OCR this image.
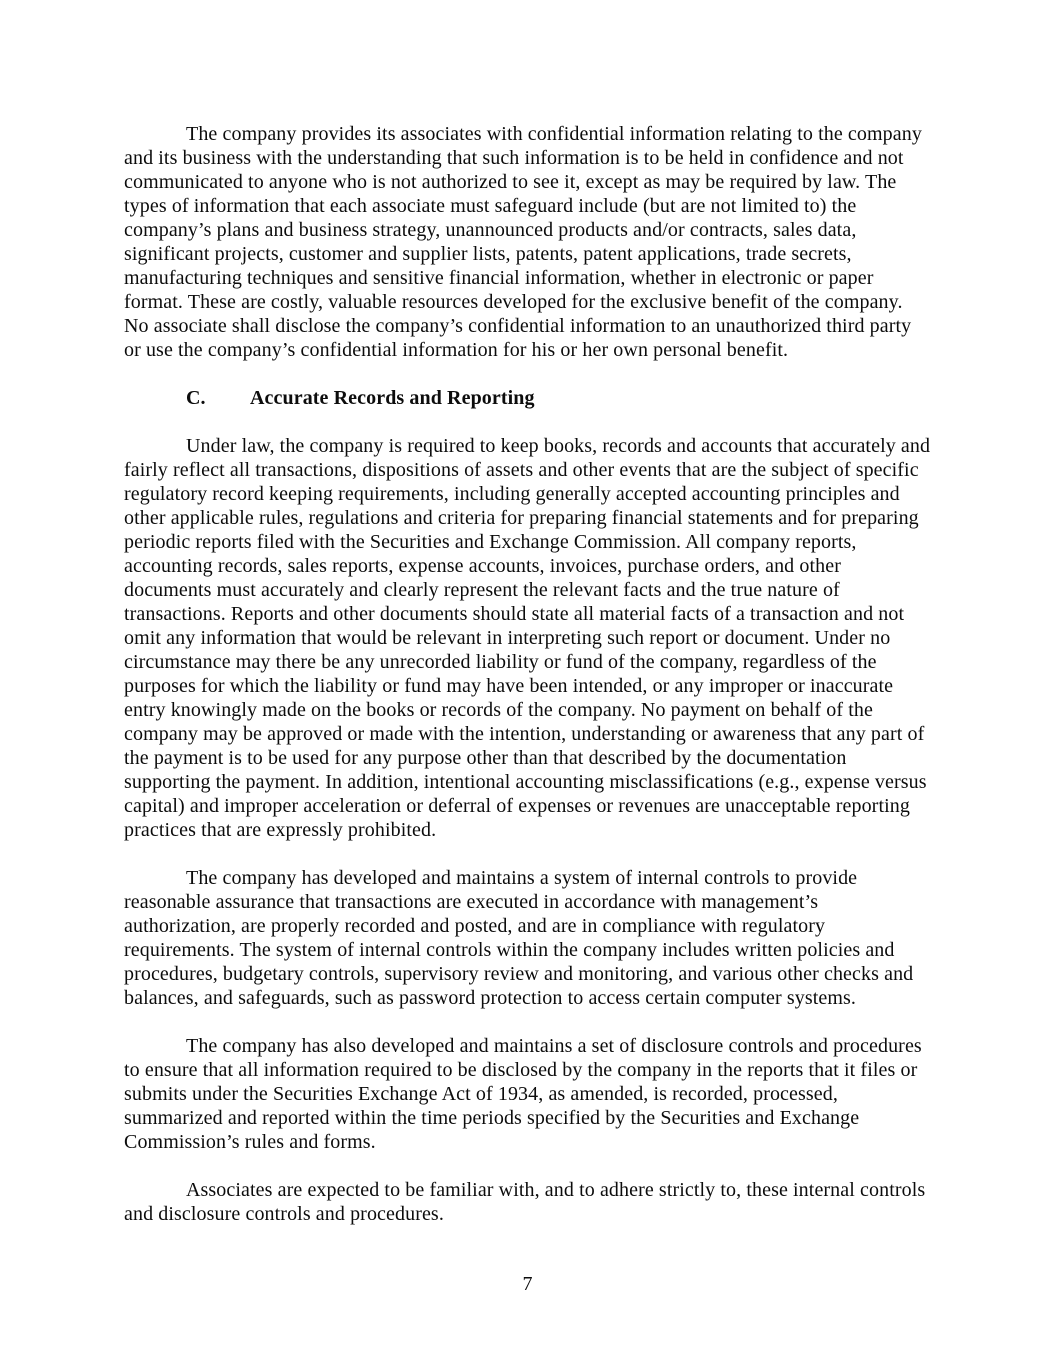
The company provides its associates with confidential information relating to the company and its business with the understanding that such information is to be held in confidence and not communicated to anyone who is not authorized to see it, except as may be required by law. The types of information that each associate must safeguard include (but are not limited to) the company’s plans and business strategy, unannounced products and/or contracts, sales data, significant projects, customer and supplier lists, patents, patent applications, trade secrets, manufacturing techniques and sensitive financial information, whether in electronic or paper format. These are costly, valuable resources developed for the exclusive benefit of the company. No associate shall disclose the company’s confidential information to an unauthorized third party or use the company’s confidential information for his or her own personal benefit.

C. Accurate Records and Reporting

Under law, the company is required to keep books, records and accounts that accurately and fairly reflect all transactions, dispositions of assets and other events that are the subject of specific regulatory record keeping requirements, including generally accepted accounting principles and other applicable rules, regulations and criteria for preparing financial statements and for preparing periodic reports filed with the Securities and Exchange Commission. All company reports, accounting records, sales reports, expense accounts, invoices, purchase orders, and other documents must accurately and clearly represent the relevant facts and the true nature of transactions. Reports and other documents should state all material facts of a transaction and not omit any information that would be relevant in interpreting such report or document. Under no circumstance may there be any unrecorded liability or fund of the company, regardless of the purposes for which the liability or fund may have been intended, or any improper or inaccurate entry knowingly made on the books or records of the company. No payment on behalf of the company may be approved or made with the intention, understanding or awareness that any part of the payment is to be used for any purpose other than that described by the documentation supporting the payment. In addition, intentional accounting misclassifications (e.g., expense versus capital) and improper acceleration or deferral of expenses or revenues are unacceptable reporting practices that are expressly prohibited.

The company has developed and maintains a system of internal controls to provide reasonable assurance that transactions are executed in accordance with management’s authorization, are properly recorded and posted, and are in compliance with regulatory requirements. The system of internal controls within the company includes written policies and procedures, budgetary controls, supervisory review and monitoring, and various other checks and balances, and safeguards, such as password protection to access certain computer systems.

The company has also developed and maintains a set of disclosure controls and procedures to ensure that all information required to be disclosed by the company in the reports that it files or submits under the Securities Exchange Act of 1934, as amended, is recorded, processed, summarized and reported within the time periods specified by the Securities and Exchange Commission’s rules and forms.

Associates are expected to be familiar with, and to adhere strictly to, these internal controls and disclosure controls and procedures.

7
